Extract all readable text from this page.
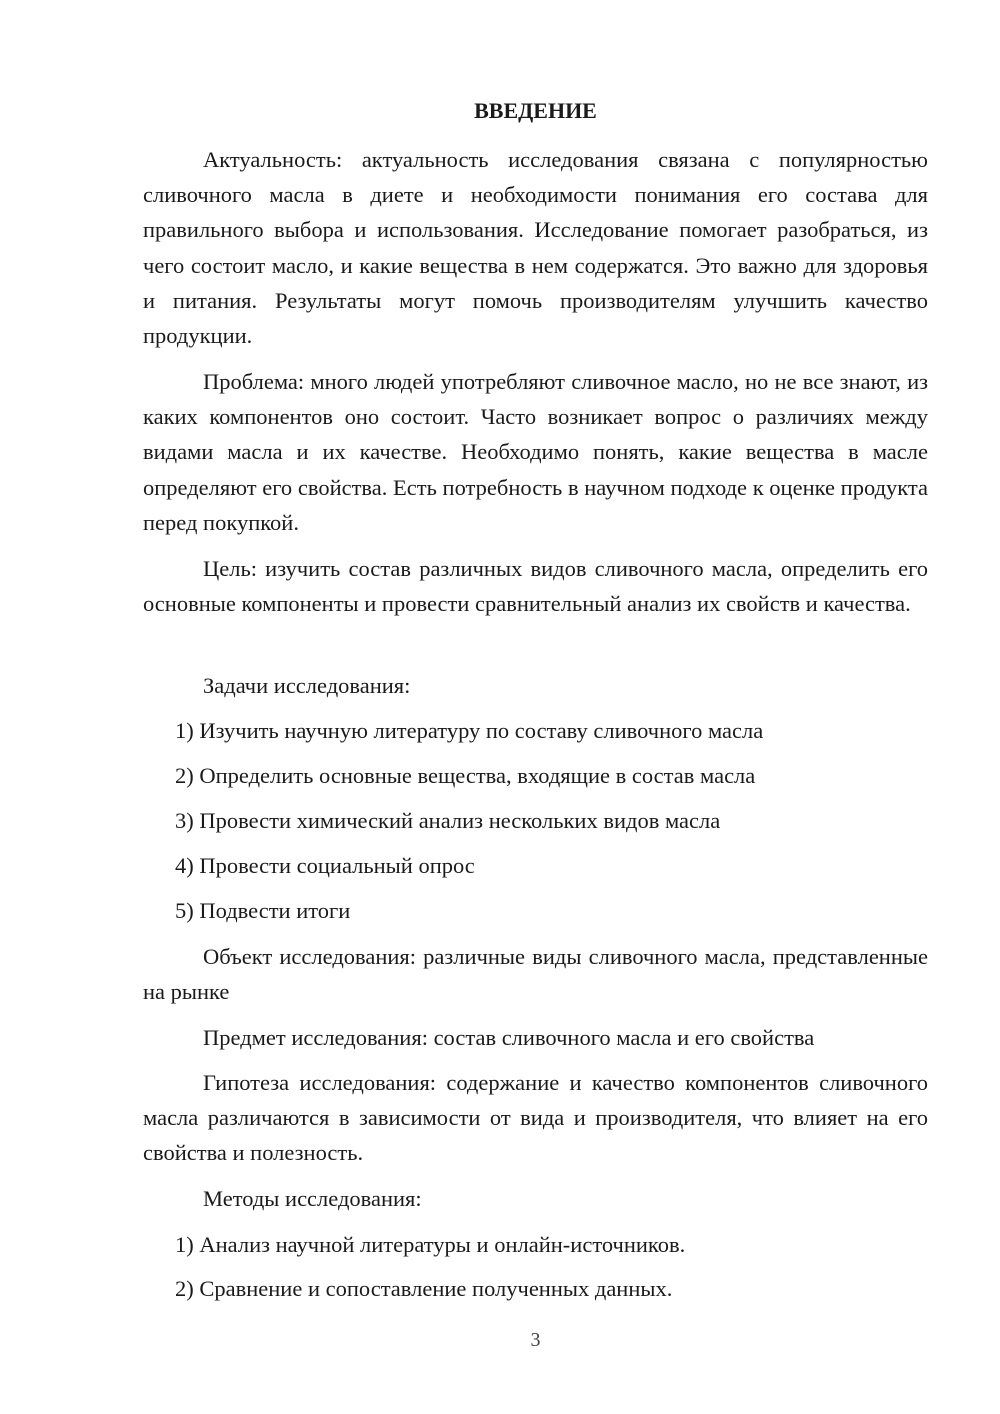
ВВЕДЕНИЕ

Актуальность: актуальность исследования связана с популярностью сливочного масла в диете и необходимости понимания его состава для правильного выбора и использования. Исследование помогает разобраться, из чего состоит масло, и какие вещества в нем содержатся. Это важно для здоровья и питания. Результаты могут помочь производителям улучшить качество продукции.

Проблема: много людей употребляют сливочное масло, но не все знают, из каких компонентов оно состоит. Часто возникает вопрос о различиях между видами масла и их качестве. Необходимо понять, какие вещества в масле определяют его свойства. Есть потребность в научном подходе к оценке продукта перед покупкой.

Цель: изучить состав различных видов сливочного масла, определить его основные компоненты и провести сравнительный анализ их свойств и качества.

Задачи исследования:

1) Изучить научную литературу по составу сливочного масла

2) Определить основные вещества, входящие в состав масла

3) Провести химический анализ нескольких видов масла

4) Провести социальный опрос

5) Подвести итоги

Объект исследования: различные виды сливочного масла, представленные на рынке

Предмет исследования: состав сливочного масла и его свойства

Гипотеза исследования: содержание и качество компонентов сливочного масла различаются в зависимости от вида и производителя, что влияет на его свойства и полезность.

Методы исследования:

1) Анализ научной литературы и онлайн-источников.

2) Сравнение и сопоставление полученных данных.

3
